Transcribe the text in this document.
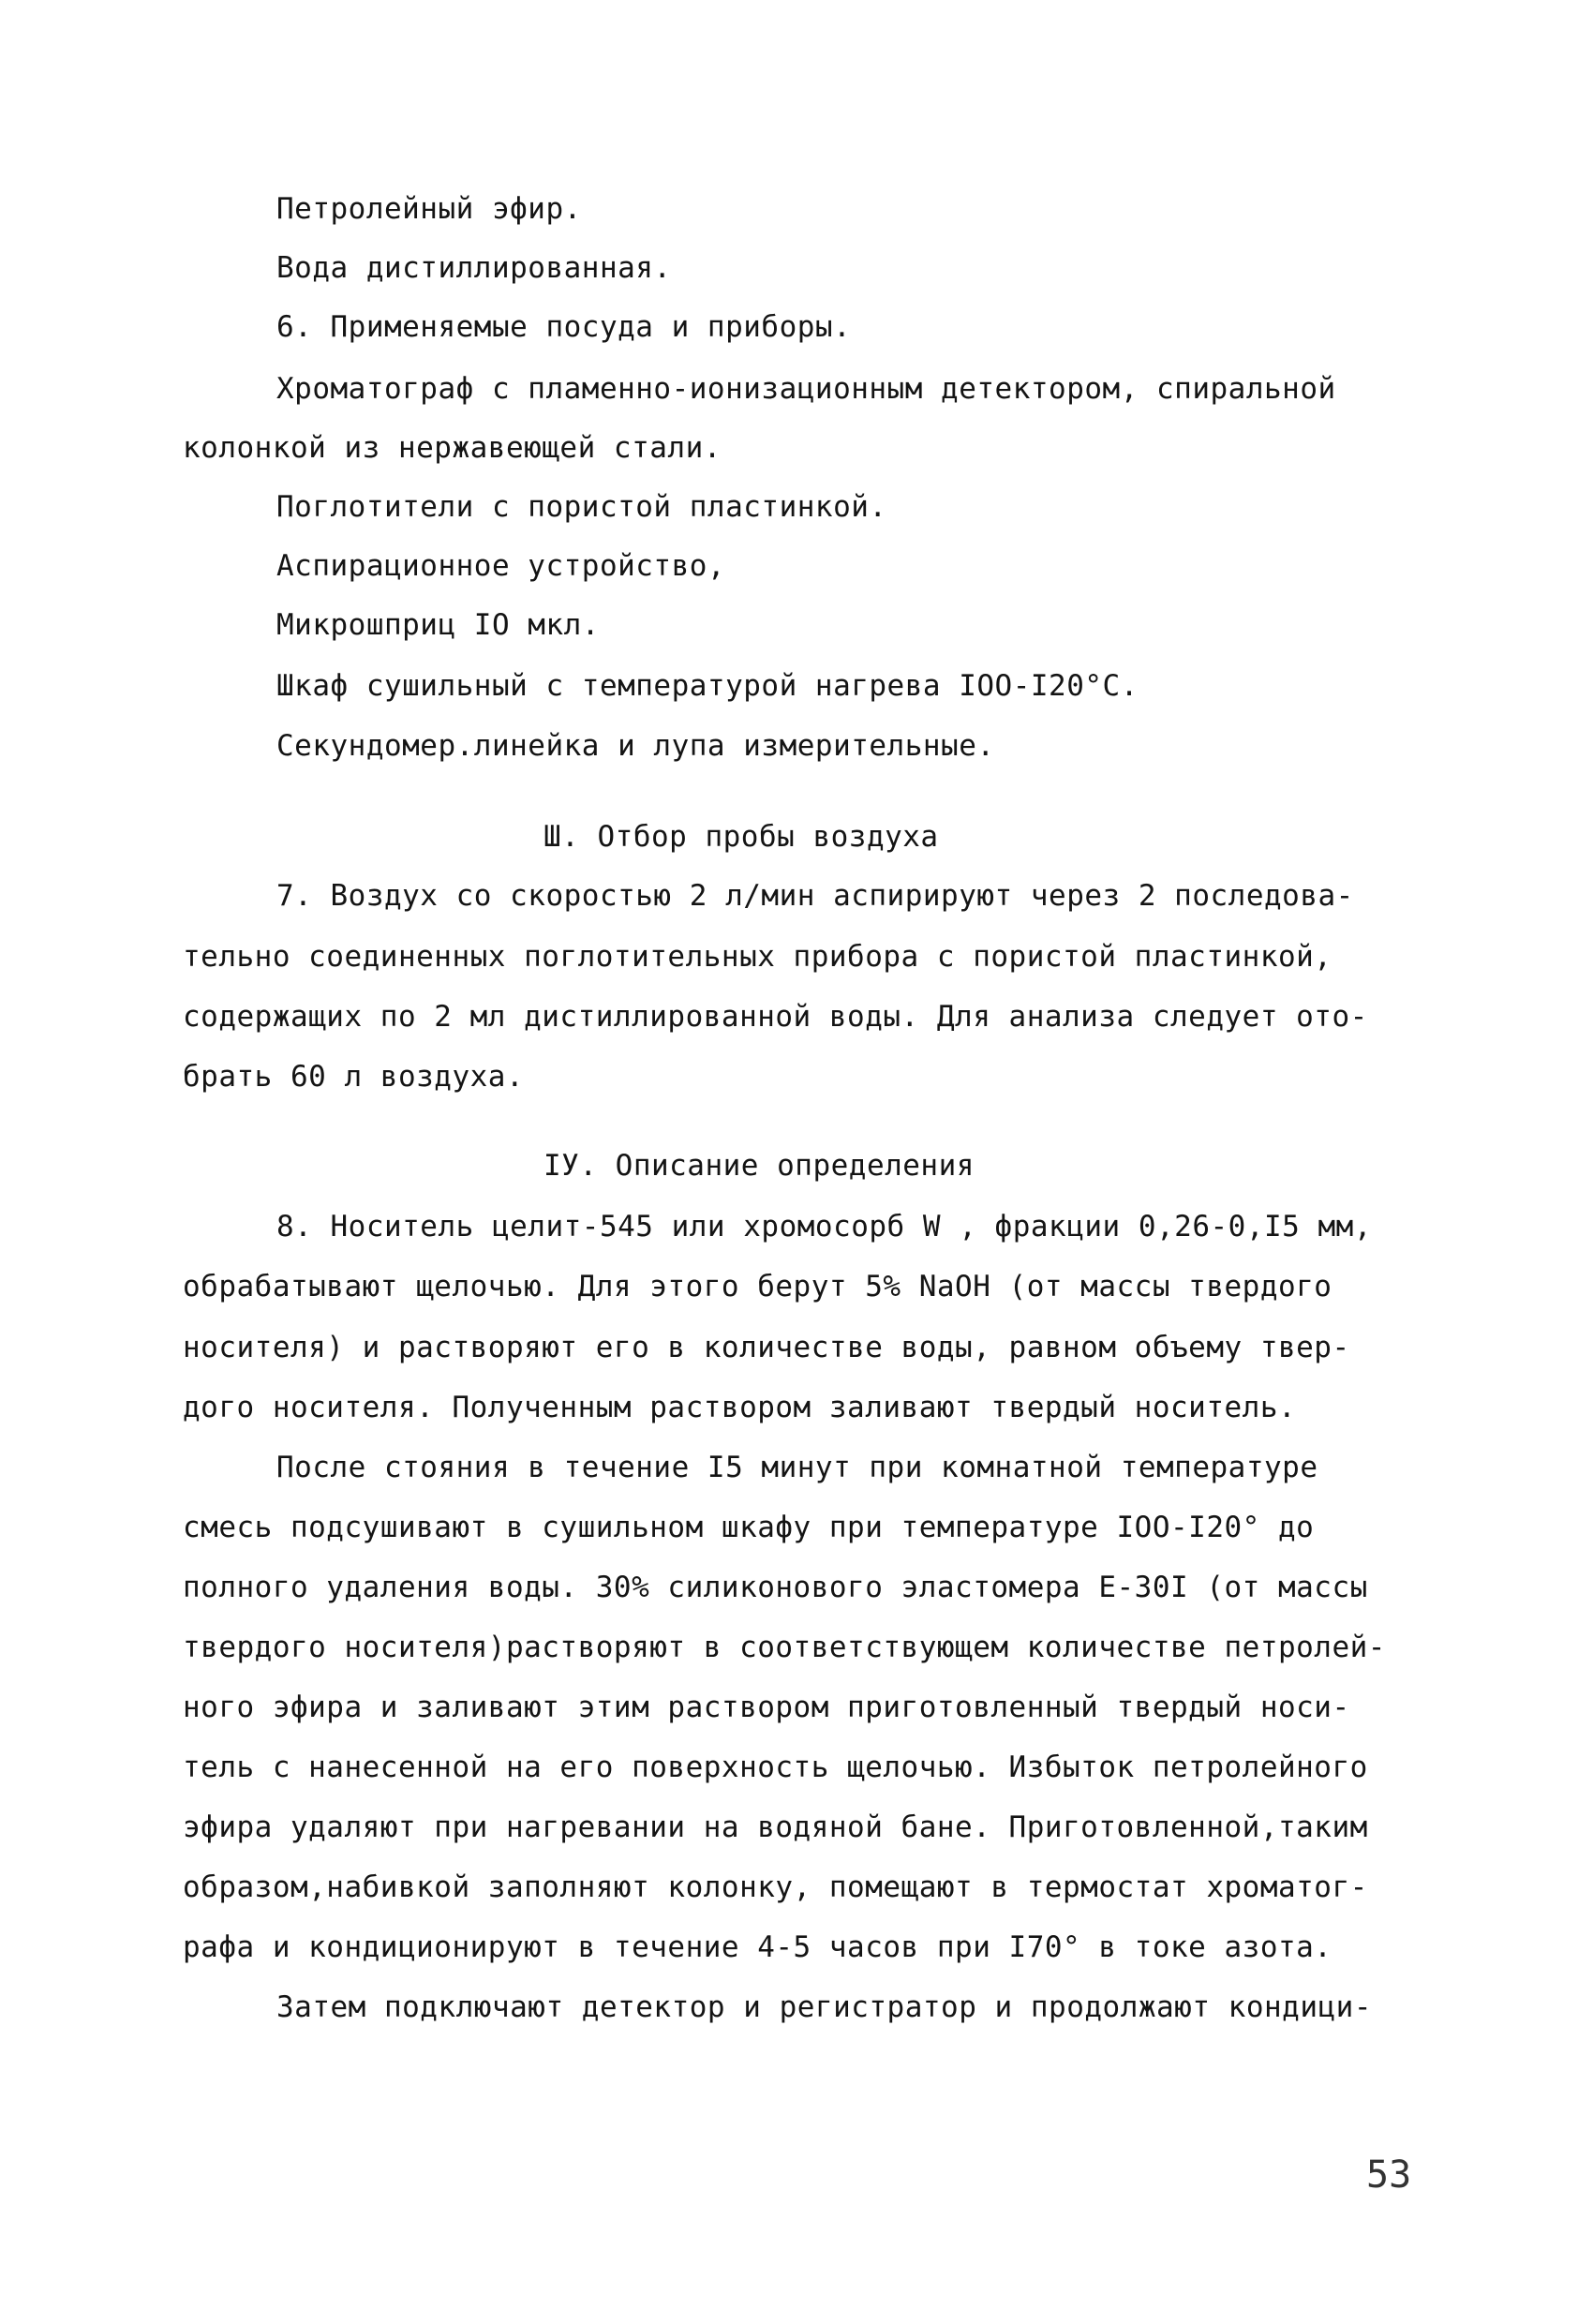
Петролейный эфир.
Вода дистиллированная.
6. Применяемые посуда и приборы.
Хроматограф с пламенно-ионизационным детектором, спиральной
колонкой из нержавеющей стали.
Поглотители с пористой пластинкой.
Аспирационное устройство,
Микрошприц IO мкл.
Шкаф сушильный с температурой нагрева IOO-I20°C.
Секундомер.линейка и лупа измерительные.
Ш. Отбор пробы воздуха
7. Воздух со скоростью 2 л/мин аспирируют через 2 последова-
тельно соединенных поглотительных прибора с пористой пластинкой,
содержащих по 2 мл дистиллированной воды. Для анализа следует ото-
брать 60 л воздуха.
IУ. Описание определения
8. Носитель целит-545 или хромосорб W , фракции 0,26-0,I5 мм,
обрабатывают щелочью. Для этого берут 5% NaOH (от массы твердого
носителя) и растворяют его в количестве воды, равном объему твер-
дого носителя. Полученным раствором заливают твердый носитель.
После стояния в течение I5 минут при комнатной температуре
смесь подсушивают в сушильном шкафу при температуре IOO-I20° до
полного удаления воды. 30% силиконового эластомера Е-30I (от массы
твердого носителя)растворяют в соответствующем количестве петролей-
ного эфира и заливают этим раствором приготовленный твердый носи-
тель с нанесенной на его поверхность щелочью. Избыток петролейного
эфира удаляют при нагревании на водяной бане. Приготовленной,таким
образом,набивкой заполняют колонку, помещают в термостат хроматог-
рафа и кондиционируют в течение 4-5 часов при I70° в токе азота.
Затем подключают детектор и регистратор и продолжают кондици-
53
